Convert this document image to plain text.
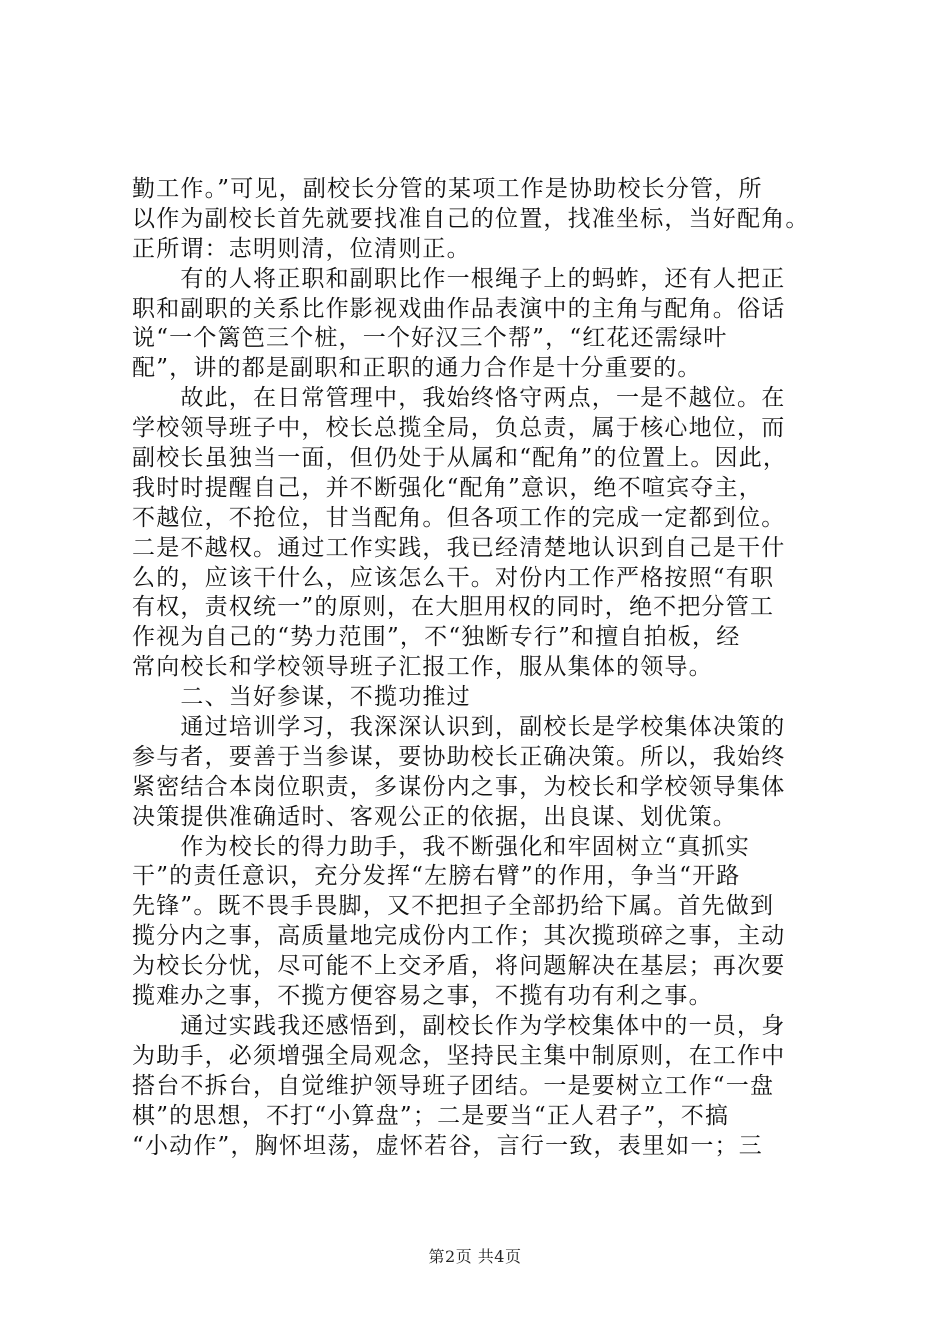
勤工作。”可见，副校长分管的某项工作是协助校长分管，所
以作为副校长首先就要找准自己的位置，找准坐标，当好配角。
正所谓：志明则清，位清则正。
　　有的人将正职和副职比作一根绳子上的蚂蚱，还有人把正
职和副职的关系比作影视戏曲作品表演中的主角与配角。俗话
说“一个篱笆三个桩，一个好汉三个帮”，“红花还需绿叶
配”，讲的都是副职和正职的通力合作是十分重要的。
　　故此，在日常管理中，我始终恪守两点，一是不越位。在
学校领导班子中，校长总揽全局，负总责，属于核心地位，而
副校长虽独当一面，但仍处于从属和“配角”的位置上。因此，
我时时提醒自己，并不断强化“配角”意识，绝不喧宾夺主，
不越位，不抢位，甘当配角。但各项工作的完成一定都到位。
二是不越权。通过工作实践，我已经清楚地认识到自己是干什
么的，应该干什么，应该怎么干。对份内工作严格按照“有职
有权，责权统一”的原则，在大胆用权的同时，绝不把分管工
作视为自己的“势力范围”，不“独断专行”和擅自拍板，经
常向校长和学校领导班子汇报工作，服从集体的领导。
　　二、当好参谋，不揽功推过
　　通过培训学习，我深深认识到，副校长是学校集体决策的
参与者，要善于当参谋，要协助校长正确决策。所以，我始终
紧密结合本岗位职责，多谋份内之事，为校长和学校领导集体
决策提供准确适时、客观公正的依据，出良谋、划优策。
　　作为校长的得力助手，我不断强化和牢固树立“真抓实
干”的责任意识，充分发挥“左膀右臂”的作用，争当“开路
先锋”。既不畏手畏脚，又不把担子全部扔给下属。首先做到
揽分内之事，高质量地完成份内工作；其次揽琐碎之事，主动
为校长分忧，尽可能不上交矛盾，将问题解决在基层；再次要
揽难办之事，不揽方便容易之事，不揽有功有利之事。
　　通过实践我还感悟到，副校长作为学校集体中的一员，身
为助手，必须增强全局观念，坚持民主集中制原则，在工作中
搭台不拆台，自觉维护领导班子团结。一是要树立工作“一盘
棋”的思想，不打“小算盘”；二是要当“正人君子”，不搞
“小动作”，胸怀坦荡，虚怀若谷，言行一致，表里如一；三
第2页 共4页
